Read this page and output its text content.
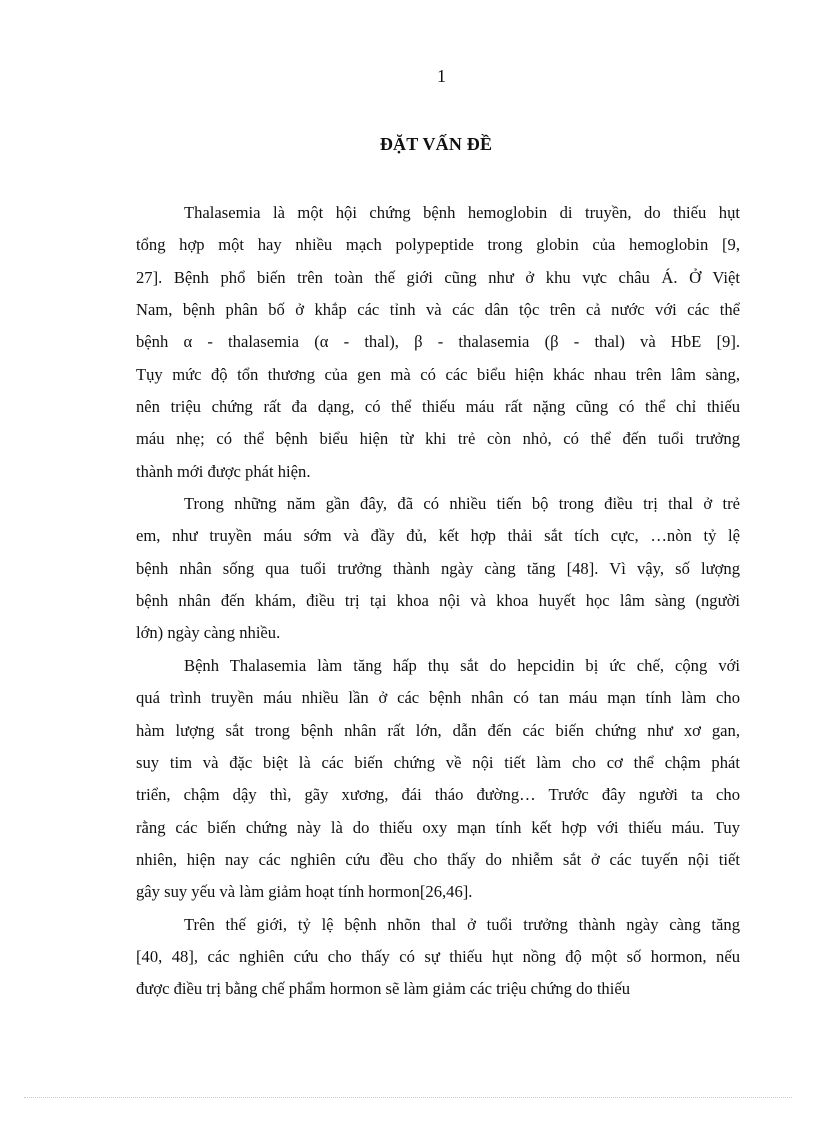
1
ĐẶT VẤN ĐỀ
Thalasemia là một hội chứng bệnh hemoglobin di truyền, do thiếu hụt
tổng hợp một hay nhiều mạch polypeptide trong globin của hemoglobin [9,
27]. Bệnh phổ biến trên toàn thế giới cũng như ở khu vực châu Á. Ở Việt
Nam, bệnh phân bố ở khắp các tỉnh và các dân tộc trên cả nước với các thể
bệnh α - thalasemia (α - thal), β - thalasemia (β - thal) và HbE [9].
Tụy mức độ tổn thương của gen mà có các biểu hiện khác nhau trên lâm sàng,
nên triệu chứng rất đa dạng, có thể thiếu máu rất nặng cũng có thể chỉ thiếu
máu nhẹ; có thể bệnh biểu hiện từ khi trẻ còn nhỏ, có thể đến tuổi trưởng
thành mới được phát hiện.
Trong những năm gần đây, đã có nhiều tiến bộ trong điều trị thal ở trẻ
em, như truyền máu sớm và đầy đủ, kết hợp thải sắt tích cực, …nòn tỷ lệ
bệnh nhân sống qua tuổi trưởng thành ngày càng tăng [48]. Vì vậy, số lượng
bệnh nhân đến khám, điều trị tại khoa nội và khoa huyết học lâm sàng (người
lớn) ngày càng nhiều.
Bệnh Thalasemia làm tăng hấp thụ sắt do hepcidin bị ức chế, cộng với
quá trình truyền máu nhiều lần ở các bệnh nhân có tan máu mạn tính làm cho
hàm lượng sắt trong bệnh nhân rất lớn, dẫn đến các biến chứng như xơ gan,
suy tim và đặc biệt là các biến chứng về nội tiết làm cho cơ thể chậm phát
triển, chậm dậy thì, gãy xương, đái tháo đường… Trước đây người ta cho
rằng các biến chứng này là do thiếu oxy mạn tính kết hợp với thiếu máu. Tuy
nhiên, hiện nay các nghiên cứu đều cho thấy do nhiễm sắt ở các tuyến nội tiết
gây suy yếu và làm giảm hoạt tính hormon[26,46].
Trên thế giới, tỷ lệ bệnh nhõn thal ở tuổi trưởng thành ngày càng tăng
[40, 48], các nghiên cứu cho thấy có sự thiếu hụt nồng độ một số hormon, nếu
được điều trị bằng chế phẩm hormon sẽ làm giảm các triệu chứng do thiếu
